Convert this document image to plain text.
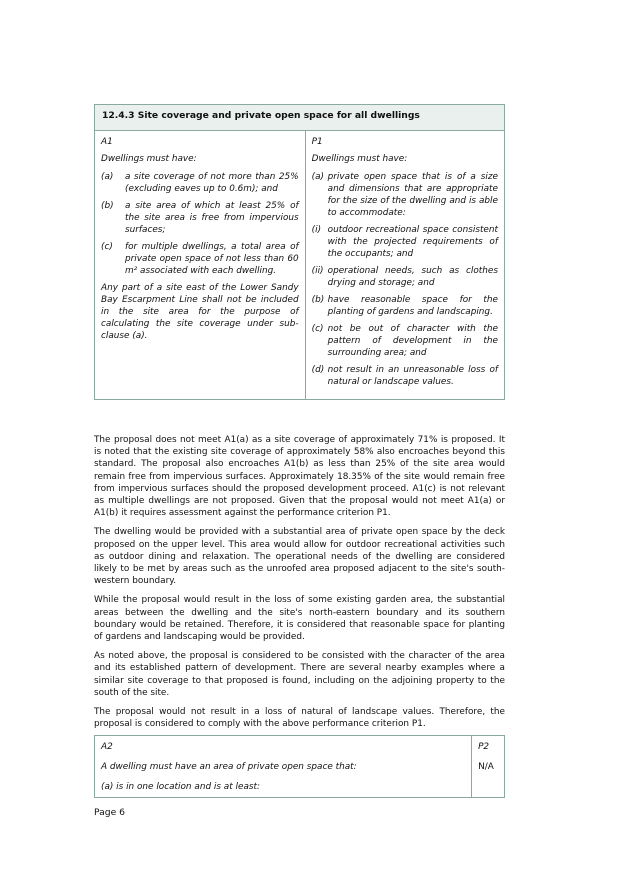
12.4.3 Site coverage and private open space for all dwellings

A1
Dwellings must have:
(a) a site coverage of not more than 25% (excluding eaves up to 0.6m); and
(b) a site area of which at least 25% of the site area is free from impervious surfaces;
(c) for multiple dwellings, a total area of private open space of not less than 60 m² associated with each dwelling.
Any part of a site east of the Lower Sandy Bay Escarpment Line shall not be included in the site area for the purpose of calculating the site coverage under sub-clause (a).

P1
Dwellings must have:
(a) private open space that is of a size and dimensions that are appropriate for the size of the dwelling and is able to accommodate:
(i) outdoor recreational space consistent with the projected requirements of the occupants; and
(ii) operational needs, such as clothes drying and storage; and
(b) have reasonable space for the planting of gardens and landscaping.
(c) not be out of character with the pattern of development in the surrounding area; and
(d) not result in an unreasonable loss of natural or landscape values.

The proposal does not meet A1(a) as a site coverage of approximately 71% is proposed. It is noted that the existing site coverage of approximately 58% also encroaches beyond this standard. The proposal also encroaches A1(b) as less than 25% of the site area would remain free from impervious surfaces. Approximately 18.35% of the site would remain free from impervious surfaces should the proposed development proceed. A1(c) is not relevant as multiple dwellings are not proposed. Given that the proposal would not meet A1(a) or A1(b) it requires assessment against the performance criterion P1.

The dwelling would be provided with a substantial area of private open space by the deck proposed on the upper level. This area would allow for outdoor recreational activities such as outdoor dining and relaxation. The operational needs of the dwelling are considered likely to be met by areas such as the unroofed area proposed adjacent to the site's south-western boundary.

While the proposal would result in the loss of some existing garden area, the substantial areas between the dwelling and the site's north-eastern boundary and its southern boundary would be retained. Therefore, it is considered that reasonable space for planting of gardens and landscaping would be provided.

As noted above, the proposal is considered to be consisted with the character of the area and its established pattern of development. There are several nearby examples where a similar site coverage to that proposed is found, including on the adjoining property to the south of the site.

The proposal would not result in a loss of natural of landscape values. Therefore, the proposal is considered to comply with the above performance criterion P1.

A2
A dwelling must have an area of private open space that:
(a) is in one location and is at least:

P2
N/A
Page 6
